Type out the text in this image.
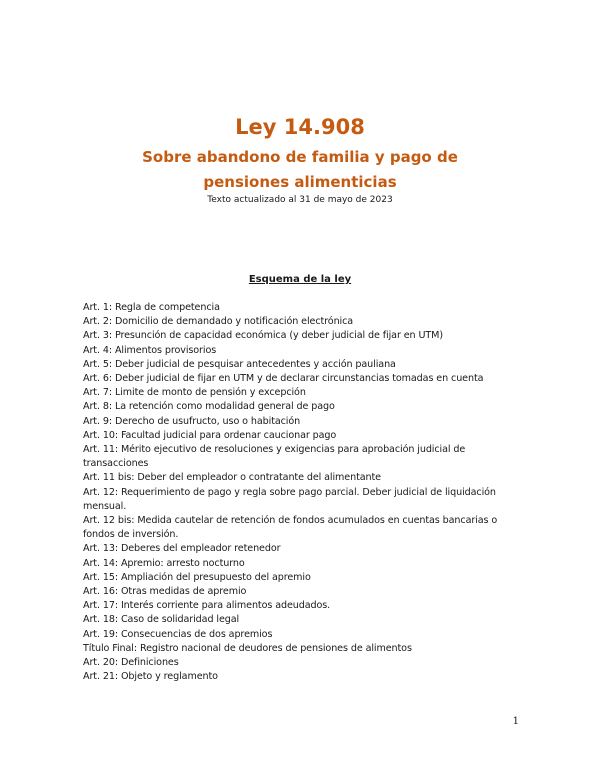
Ley 14.908
Sobre abandono de familia y pago de pensiones alimenticias
Texto actualizado al 31 de mayo de 2023
Esquema de la ley
Art. 1: Regla de competencia
Art. 2: Domicilio de demandado y notificación electrónica
Art. 3: Presunción de capacidad económica (y deber judicial de fijar en UTM)
Art. 4: Alimentos provisorios
Art. 5: Deber judicial de pesquisar antecedentes y acción pauliana
Art. 6: Deber judicial de fijar en UTM y de declarar circunstancias tomadas en cuenta
Art. 7: Limite de monto de pensión y excepción
Art. 8: La retención como modalidad general de pago
Art. 9: Derecho de usufructo, uso o habitación
Art. 10: Facultad judicial para ordenar caucionar pago
Art. 11: Mérito ejecutivo de resoluciones y exigencias para aprobación judicial de transacciones
Art. 11 bis: Deber del empleador o contratante del alimentante
Art. 12: Requerimiento de pago y regla sobre pago parcial. Deber judicial de liquidación mensual.
Art. 12 bis: Medida cautelar de retención de fondos acumulados en cuentas bancarias o fondos de inversión.
Art. 13: Deberes del empleador retenedor
Art. 14: Apremio: arresto nocturno
Art. 15: Ampliación del presupuesto del apremio
Art. 16: Otras medidas de apremio
Art. 17: Interés corriente para alimentos adeudados.
Art. 18: Caso de solidaridad legal
Art. 19: Consecuencias de dos apremios
Título Final: Registro nacional de deudores de pensiones de alimentos
Art. 20: Definiciones
Art. 21: Objeto y reglamento
1
